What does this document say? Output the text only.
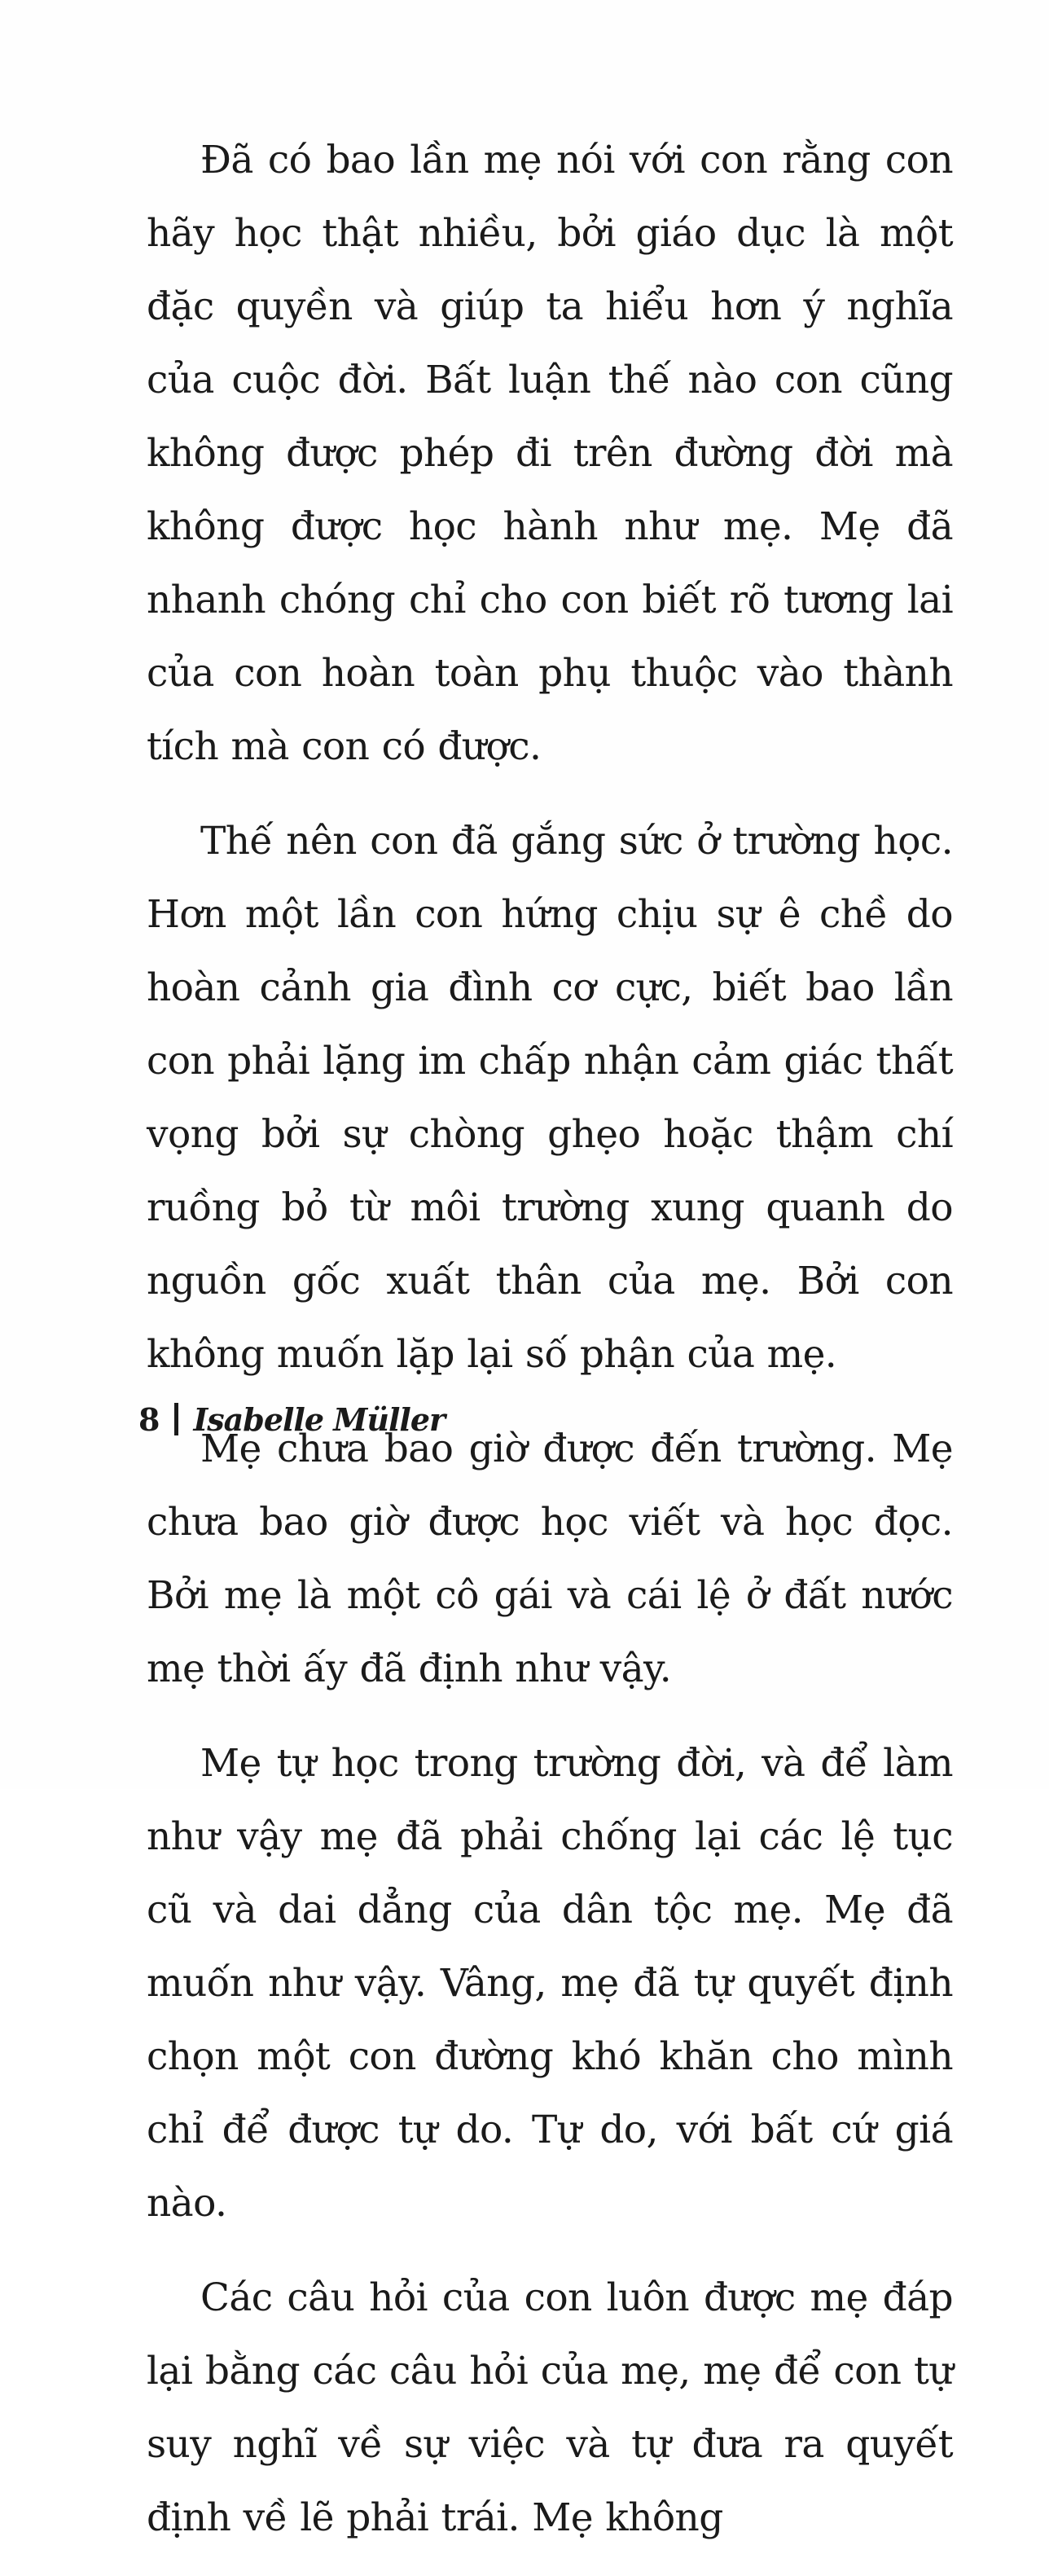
Đã có bao lần mẹ nói với con rằng con hãy học thật nhiều, bởi giáo dục là một đặc quyền và giúp ta hiểu hơn ý nghĩa của cuộc đời. Bất luận thế nào con cũng không được phép đi trên đường đời mà không được học hành như mẹ. Mẹ đã nhanh chóng chỉ cho con biết rõ tương lai của con hoàn toàn phụ thuộc vào thành tích mà con có được.

Thế nên con đã gắng sức ở trường học. Hơn một lần con hứng chịu sự ê chề do hoàn cảnh gia đình cơ cực, biết bao lần con phải lặng im chấp nhận cảm giác thất vọng bởi sự chòng ghẹo hoặc thậm chí ruồng bỏ từ môi trường xung quanh do nguồn gốc xuất thân của mẹ. Bởi con không muốn lặp lại số phận của mẹ.

Mẹ chưa bao giờ được đến trường. Mẹ chưa bao giờ được học viết và học đọc. Bởi mẹ là một cô gái và cái lệ ở đất nước mẹ thời ấy đã định như vậy.

Mẹ tự học trong trường đời, và để làm như vậy mẹ đã phải chống lại các lệ tục cũ và dai dẳng của dân tộc mẹ. Mẹ đã muốn như vậy. Vâng, mẹ đã tự quyết định chọn một con đường khó khăn cho mình chỉ để được tự do. Tự do, với bất cứ giá nào.

Các câu hỏi của con luôn được mẹ đáp lại bằng các câu hỏi của mẹ, mẹ để con tự suy nghĩ về sự việc và tự đưa ra quyết định về lẽ phải trái. Mẹ không

8 Isabelle Müller
